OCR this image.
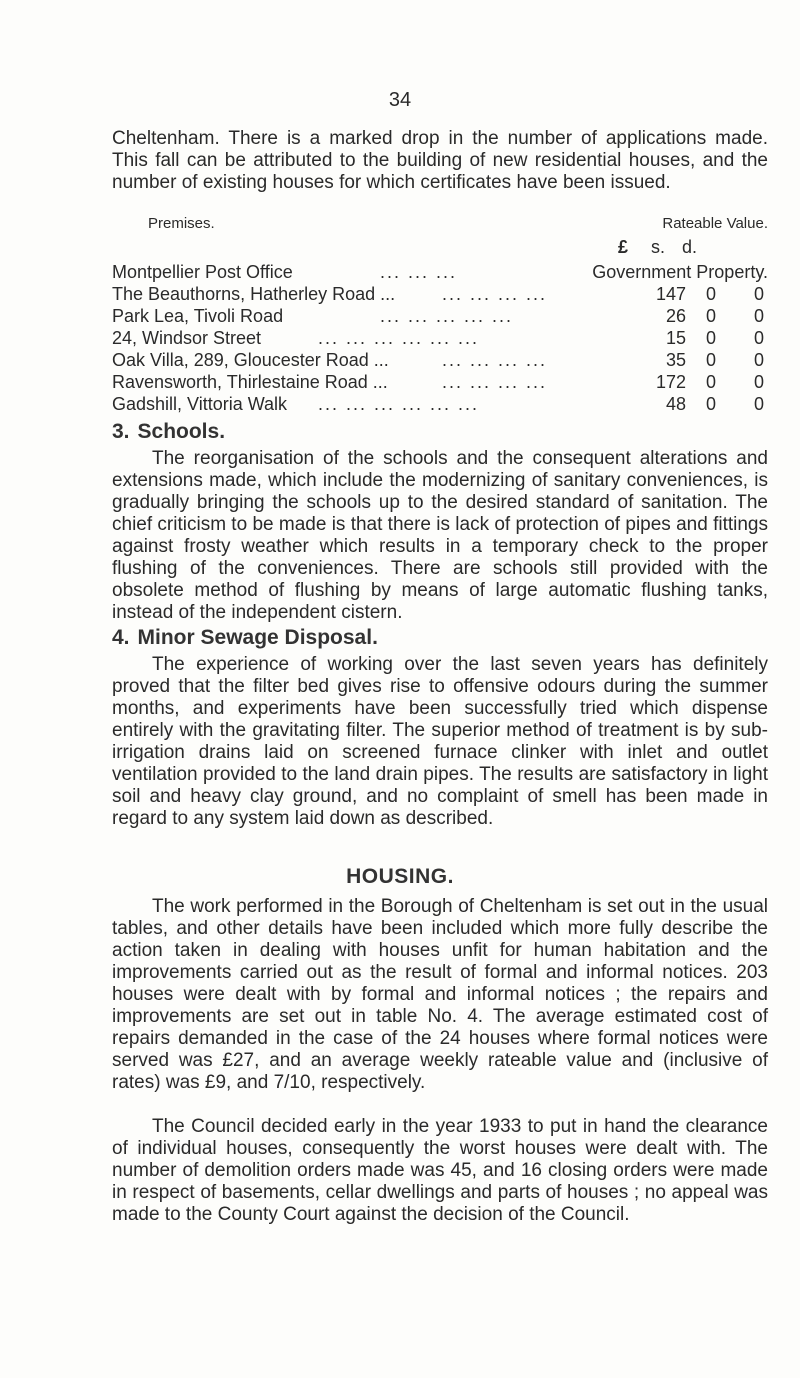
34

Cheltenham. There is a marked drop in the number of applications made. This fall can be attributed to the building of new residential houses, and the number of existing houses for which certificates have been issued.

Premises.	Rateable Value.
£ s. d.
Montpellier Post Office	... ... ...	Government Property.
The Beauthorns, Hatherley Road ...	... ... ... ...	147 0 0
Park Lea, Tivoli Road	... ... ... ... ...	26 0 0
24, Windsor Street	... ... ... ... ... ...	15 0 0
Oak Villa, 289, Gloucester Road ...	... ... ... ...	35 0 0
Ravensworth, Thirlestaine Road ...	... ... ... ...	172 0 0
Gadshill, Vittoria Walk ... ... ... ... ... ...	48 0 0
3. Schools.

The reorganisation of the schools and the consequent alterations and extensions made, which include the modernizing of sanitary conveniences, is gradually bringing the schools up to the desired standard of sanitation. The chief criticism to be made is that there is lack of protection of pipes and fittings against frosty weather which results in a temporary check to the proper flushing of the conveniences. There are schools still provided with the obsolete method of flushing by means of large automatic flushing tanks, instead of the independent cistern.

4. Minor Sewage Disposal.

The experience of working over the last seven years has definitely proved that the filter bed gives rise to offensive odours during the summer months, and experiments have been successfully tried which dispense entirely with the gravitating filter. The superior method of treatment is by sub-irrigation drains laid on screened furnace clinker with inlet and outlet ventilation provided to the land drain pipes. The results are satisfactory in light soil and heavy clay ground, and no complaint of smell has been made in regard to any system laid down as described.

HOUSING.

The work performed in the Borough of Cheltenham is set out in the usual tables, and other details have been included which more fully describe the action taken in dealing with houses unfit for human habitation and the improvements carried out as the result of formal and informal notices. 203 houses were dealt with by formal and informal notices ; the repairs and improvements are set out in table No. 4. The average estimated cost of repairs demanded in the case of the 24 houses where formal notices were served was £27, and an average weekly rateable value and (inclusive of rates) was £9, and 7/10, respectively.

The Council decided early in the year 1933 to put in hand the clearance of individual houses, consequently the worst houses were dealt with. The number of demolition orders made was 45, and 16 closing orders were made in respect of basements, cellar dwellings and parts of houses ; no appeal was made to the County Court against the decision of the Council.
